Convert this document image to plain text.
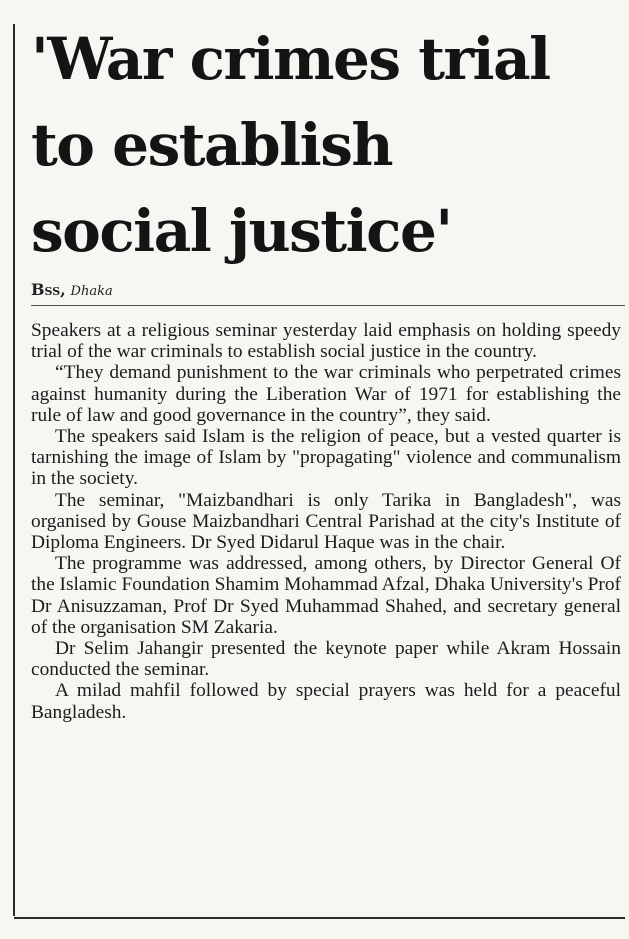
'War crimes trial
to establish
social justice'
Bss, Dhaka

Speakers at a religious seminar yesterday laid emphasis on holding speedy trial of the war criminals to establish social justice in the country.

“They demand punishment to the war criminals who perpetrated crimes against humanity during the Liberation War of 1971 for establishing the rule of law and good governance in the country”, they said.

The speakers said Islam is the religion of peace, but a vested quarter is tarnishing the image of Islam by "propagating" violence and communalism in the society.

The seminar, "Maizbandhari is only Tarika in Bangladesh", was organised by Gouse Maizbandhari Central Parishad at the city's Institute of Diploma Engineers. Dr Syed Didarul Haque was in the chair.

The programme was addressed, among others, by Director General Of the Islamic Foundation Shamim Mohammad Afzal, Dhaka University's Prof Dr Anisuzzaman, Prof Dr Syed Muhammad Shahed, and secretary general of the organisation SM Zakaria.

Dr Selim Jahangir presented the keynote paper while Akram Hossain conducted the seminar.

A milad mahfil followed by special prayers was held for a peaceful Bangladesh.
